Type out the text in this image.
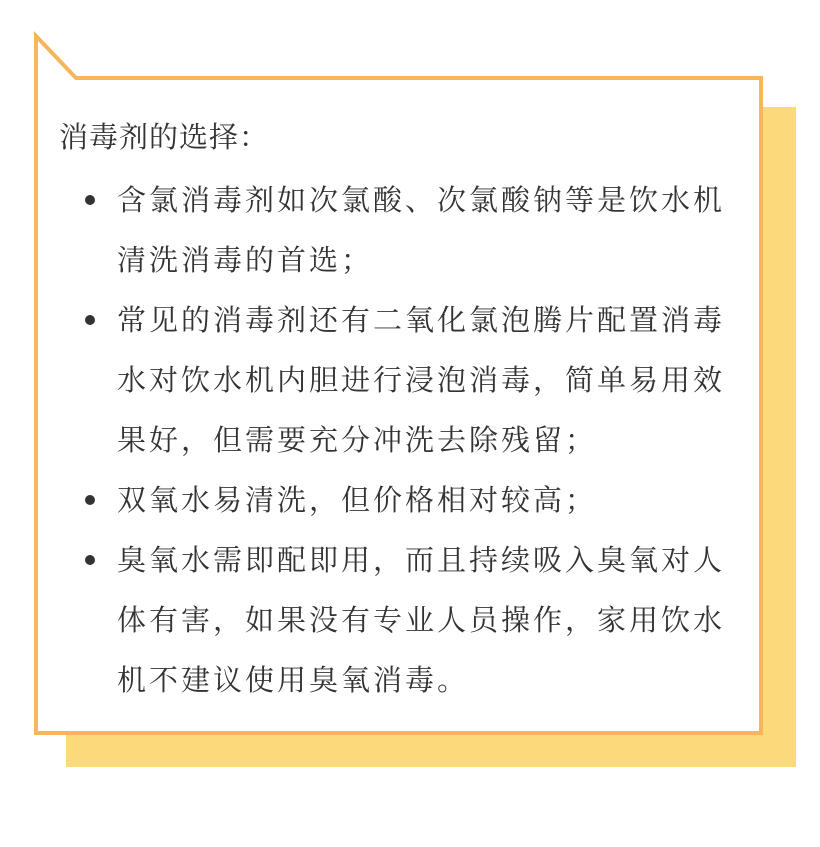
消毒剂的选择：
含氯消毒剂如次氯酸、次氯酸钠等是饮水机清洗消毒的首选；
常见的消毒剂还有二氧化氯泡腾片配置消毒水对饮水机内胆进行浸泡消毒，简单易用效果好，但需要充分冲洗去除残留；
双氧水易清洗，但价格相对较高；
臭氧水需即配即用，而且持续吸入臭氧对人体有害，如果没有专业人员操作，家用饮水机不建议使用臭氧消毒。
